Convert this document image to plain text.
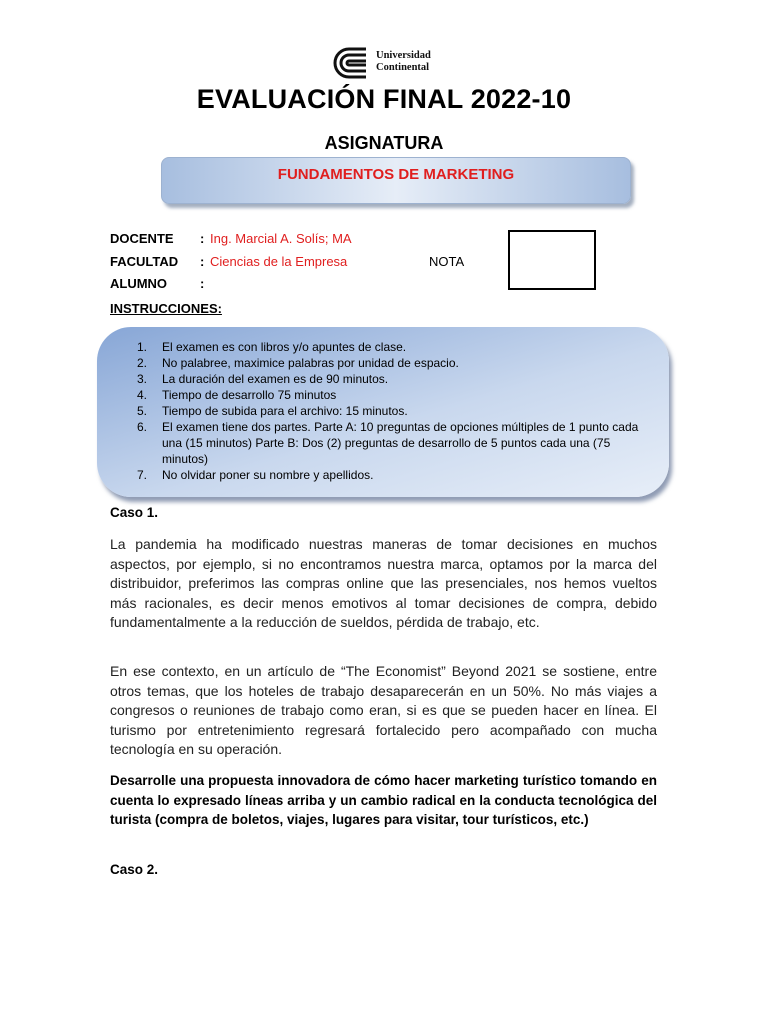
Universidad
Continental
EVALUACIÓN FINAL 2022-10
ASIGNATURA
FUNDAMENTOS DE MARKETING
DOCENTE : Ing. Marcial A. Solís; MA
FACULTAD : Ciencias de la Empresa
ALUMNO	:
NOTA
INSTRUCCIONES:
1. El examen es con libros y/o apuntes de clase.
2. No palabree, maximice palabras por unidad de espacio.
3. La duración del examen es de 90 minutos.
4. Tiempo de desarrollo 75 minutos
5. Tiempo de subida para el archivo: 15 minutos.
6. El examen tiene dos partes. Parte A: 10 preguntas de opciones múltiples de 1 punto cada una (15 minutos) Parte B: Dos (2) preguntas de desarrollo de 5 puntos cada una (75 minutos)
7. No olvidar poner su nombre y apellidos.
Caso 1.
La pandemia ha modificado nuestras maneras de tomar decisiones en muchos aspectos, por ejemplo, si no encontramos nuestra marca, optamos por la marca del distribuidor, preferimos las compras online que las presenciales, nos hemos vueltos más racionales, es decir menos emotivos al tomar decisiones de compra, debido fundamentalmente a la reducción de sueldos, pérdida de trabajo, etc.
En ese contexto, en un artículo de “The Economist” Beyond 2021 se sostiene, entre otros temas, que los hoteles de trabajo desaparecerán en un 50%. No más viajes a congresos o reuniones de trabajo como eran, si es que se pueden hacer en línea. El turismo por entretenimiento regresará fortalecido pero acompañado con mucha tecnología en su operación.
Desarrolle una propuesta innovadora de cómo hacer marketing turístico tomando en cuenta lo expresado líneas arriba y un cambio radical en la conducta tecnológica del turista (compra de boletos, viajes, lugares para visitar, tour turísticos, etc.)
Caso 2.
